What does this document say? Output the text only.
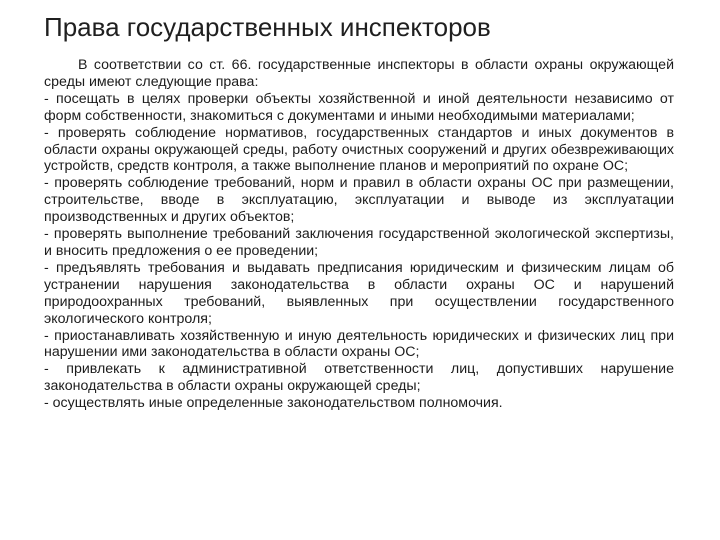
Права государственных инспекторов

В соответствии со ст. 66. государственные инспекторы в области охраны окружающей среды имеют следующие права:

- посещать в целях проверки объекты хозяйственной и иной деятельности независимо от форм собственности, знакомиться с документами и иными необходимыми материалами;

- проверять соблюдение нормативов, государственных стандартов и иных документов в области охраны окружающей среды, работу очистных сооружений и других обезвреживающих устройств, средств контроля, а также выполнение планов и мероприятий по охране ОС;

- проверять соблюдение требований, норм и правил в области охраны ОС при размещении, строительстве, вводе в эксплуатацию, эксплуатации и выводе из эксплуатации производственных и других объектов;

- проверять выполнение требований заключения государственной экологической экспертизы, и вносить предложения о ее проведении;

- предъявлять требования и выдавать предписания юридическим и физическим лицам об устранении нарушения законодательства в области охраны ОС и нарушений природоохранных требований, выявленных при осуществлении государственного экологического контроля;

- приостанавливать хозяйственную и иную деятельность юридических и физических лиц при нарушении ими законодательства в области охраны ОС;

- привлекать к административной ответственности лиц, допустивших нарушение законодательства в области охраны окружающей среды;

- осуществлять иные определенные законодательством полномочия.
